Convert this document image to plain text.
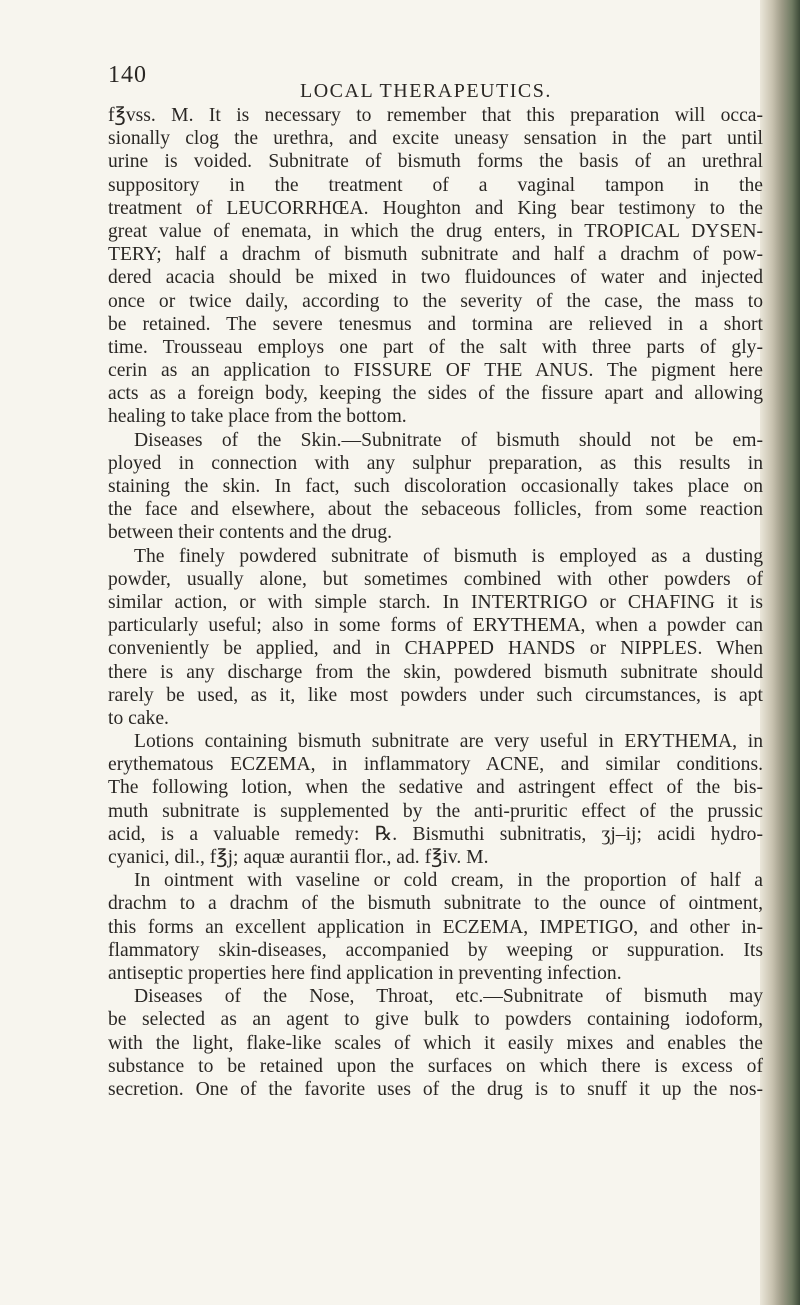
140
LOCAL THERAPEUTICS.
f℥vss. M. It is necessary to remember that this preparation will occa-
sionally clog the urethra, and excite uneasy sensation in the part until
urine is voided. Subnitrate of bismuth forms the basis of an urethral
suppository in the treatment of a vaginal tampon in the
treatment of LEUCORRHŒA. Houghton and King bear testimony to the
great value of enemata, in which the drug enters, in TROPICAL DYSEN-
TERY; half a drachm of bismuth subnitrate and half a drachm of pow-
dered acacia should be mixed in two fluidounces of water and injected
once or twice daily, according to the severity of the case, the mass to
be retained. The severe tenesmus and tormina are relieved in a short
time. Trousseau employs one part of the salt with three parts of gly-
cerin as an application to FISSURE OF THE ANUS. The pigment here
acts as a foreign body, keeping the sides of the fissure apart and allowing
healing to take place from the bottom.
Diseases of the Skin.—Subnitrate of bismuth should not be em-
ployed in connection with any sulphur preparation, as this results in
staining the skin. In fact, such discoloration occasionally takes place on
the face and elsewhere, about the sebaceous follicles, from some reaction
between their contents and the drug.
The finely powdered subnitrate of bismuth is employed as a dusting
powder, usually alone, but sometimes combined with other powders of
similar action, or with simple starch. In INTERTRIGO or CHAFING it is
particularly useful; also in some forms of ERYTHEMA, when a powder can
conveniently be applied, and in CHAPPED HANDS or NIPPLES. When
there is any discharge from the skin, powdered bismuth subnitrate should
rarely be used, as it, like most powders under such circumstances, is apt
to cake.
Lotions containing bismuth subnitrate are very useful in ERYTHEMA, in
erythematous ECZEMA, in inflammatory ACNE, and similar conditions.
The following lotion, when the sedative and astringent effect of the bis-
muth subnitrate is supplemented by the anti-pruritic effect of the prussic
acid, is a valuable remedy: ℞. Bismuthi subnitratis, ʒj–ij; acidi hydro-
cyanici, dil., f℥j; aquæ aurantii flor., ad. f℥iv. M.
In ointment with vaseline or cold cream, in the proportion of half a
drachm to a drachm of the bismuth subnitrate to the ounce of ointment,
this forms an excellent application in ECZEMA, IMPETIGO, and other in-
flammatory skin-diseases, accompanied by weeping or suppuration. Its
antiseptic properties here find application in preventing infection.
Diseases of the Nose, Throat, etc.—Subnitrate of bismuth may
be selected as an agent to give bulk to powders containing iodoform,
with the light, flake-like scales of which it easily mixes and enables the
substance to be retained upon the surfaces on which there is excess of
secretion. One of the favorite uses of the drug is to snuff it up the nos-
